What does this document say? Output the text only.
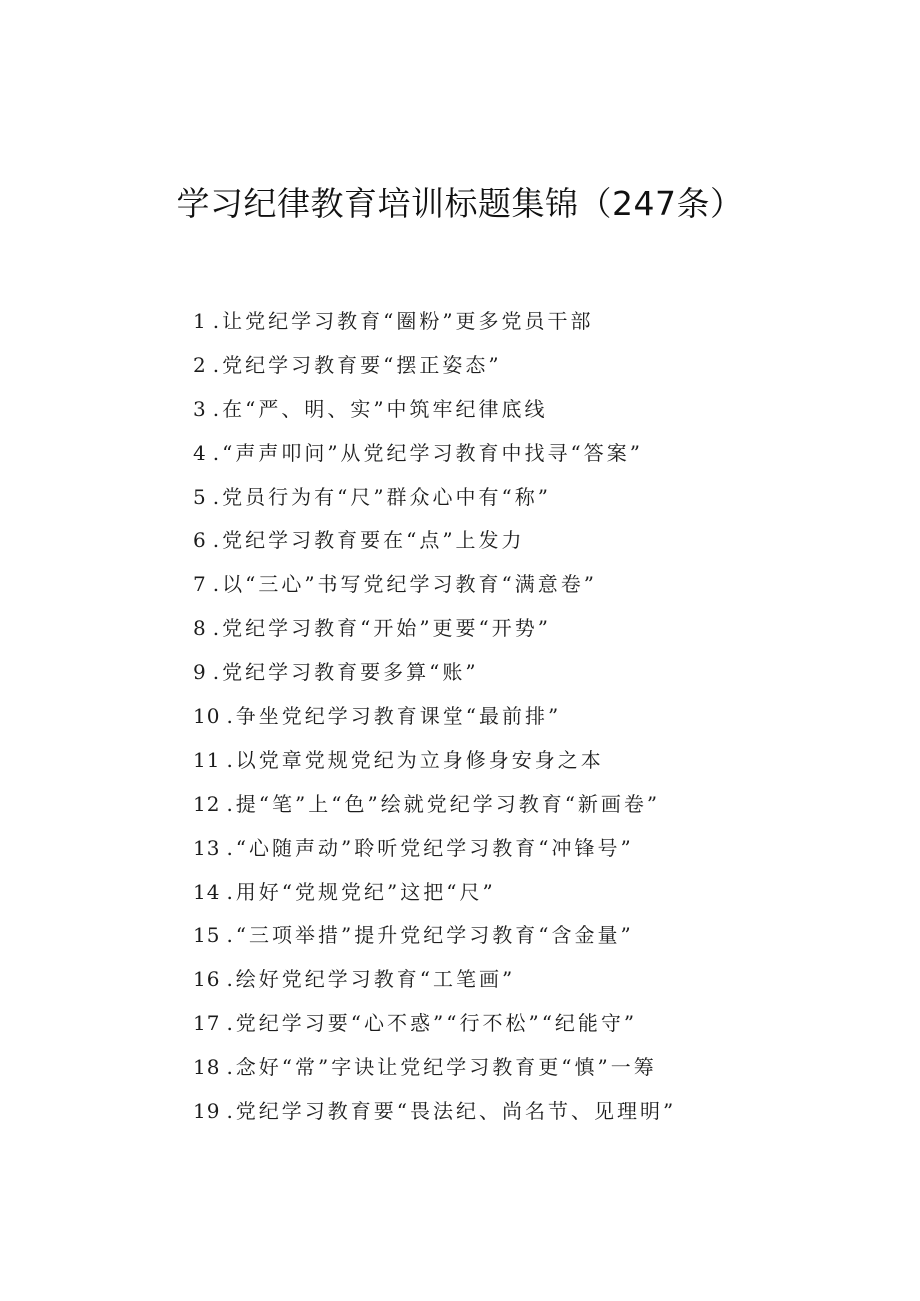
学习纪律教育培训标题集锦（247条）
1 .让党纪学习教育“圈粉”更多党员干部
2 .党纪学习教育要“摆正姿态”
3 .在“严、明、实”中筑牢纪律底线
4 .“声声叩问”从党纪学习教育中找寻“答案”
5 .党员行为有“尺”群众心中有“称”
6 .党纪学习教育要在“点”上发力
7 .以“三心”书写党纪学习教育“满意卷”
8 .党纪学习教育“开始”更要“开势”
9 .党纪学习教育要多算“账”
10 .争坐党纪学习教育课堂“最前排”
11 .以党章党规党纪为立身修身安身之本
12 .提“笔”上“色”绘就党纪学习教育“新画卷”
13 .“心随声动”聆听党纪学习教育“冲锋号”
14 .用好“党规党纪”这把“尺”
15 .“三项举措”提升党纪学习教育“含金量”
16 .绘好党纪学习教育“工笔画”
17 .党纪学习要“心不惑”“行不松”“纪能守”
18 .念好“常”字诀让党纪学习教育更“慎”一筹
19 .党纪学习教育要“畏法纪、尚名节、见理明”
